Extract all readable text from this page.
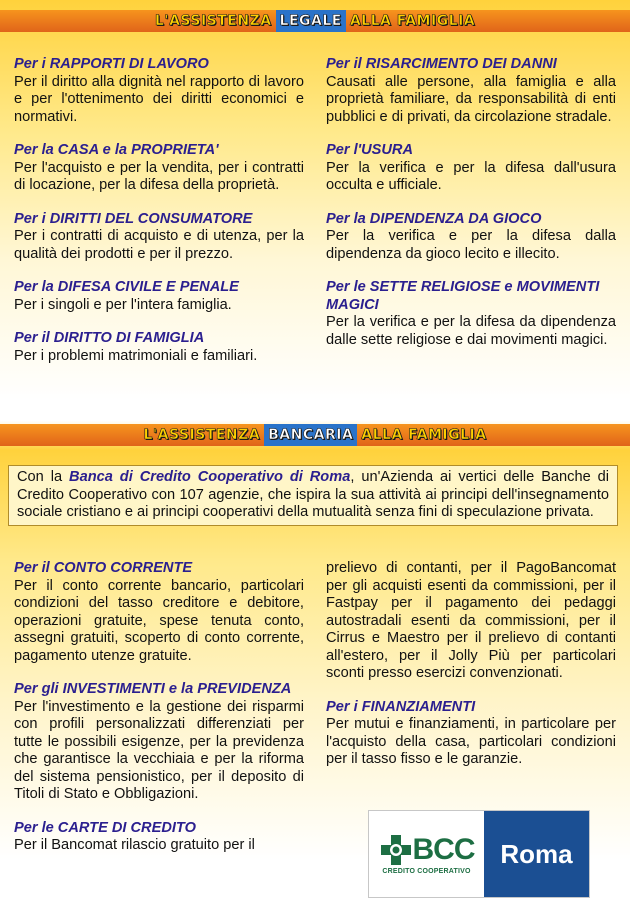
L'ASSISTENZA LEGALE ALLA FAMIGLIA
Per i RAPPORTI DI LAVORO

Per il diritto alla dignità nel rapporto di lavoro e per l'ottenimento dei diritti economici e normativi.

Per la CASA e la PROPRIETA'

Per l'acquisto e per la vendita, per i contratti di locazione, per la difesa della proprietà.

Per i DIRITTI DEL CONSUMATORE

Per i contratti di acquisto e di utenza, per la qualità dei prodotti e per il prezzo.

Per la DIFESA CIVILE E PENALE

Per i singoli e per l'intera famiglia.

Per il DIRITTO DI FAMIGLIA

Per i problemi matrimoniali e familiari.

Per il RISARCIMENTO DEI DANNI

Causati alle persone, alla famiglia e alla proprietà familiare, da responsabilità di enti pubblici e di privati, da circolazione stradale.

Per l'USURA

Per la verifica e per la difesa dall'usura occulta e ufficiale.

Per la DIPENDENZA DA GIOCO

Per la verifica e per la difesa dalla dipendenza da gioco lecito e illecito.

Per le SETTE RELIGIOSE e MOVIMENTI MAGICI

Per la verifica e per la difesa da dipendenza dalle sette religiose e dai movimenti magici.

L'ASSISTENZA BANCARIA ALLA FAMIGLIA
Con la Banca di Credito Cooperativo di Roma, un'Azienda ai vertici delle Banche di Credito Cooperativo con 107 agenzie, che ispira la sua attività ai principi dell'insegnamento sociale cristiano e ai principi cooperativi della mutualità senza fini di speculazione privata.
Per il CONTO CORRENTE

Per il conto corrente bancario, particolari condizioni del tasso creditore e debitore, operazioni gratuite, spese tenuta conto, assegni gratuiti, scoperto di conto corrente, pagamento utenze gratuite.

Per gli INVESTIMENTI e la PREVIDENZA

Per l'investimento e la gestione dei risparmi con profili personalizzati differenziati per tutte le possibili esigenze, per la previdenza che garantisce la vecchiaia e per la riforma del sistema pensionistico, per il deposito di Titoli di Stato e Obbligazioni.

Per le CARTE DI CREDITO

Per il Bancomat rilascio gratuito per il

prelievo di contanti, per il PagoBancomat per gli acquisti esenti da commissioni, per il Fastpay per il pagamento dei pedaggi autostradali esenti da commissioni, per il Cirrus e Maestro per il prelievo di contanti all'estero, per il Jolly Più per particolari sconti presso esercizi convenzionati.

Per i FINANZIAMENTI

Per mutui e finanziamenti, in particolare per l'acquisto della casa, particolari condizioni per il tasso fisso e le garanzie.

BCC
CREDITO COOPERATIVO
Roma
